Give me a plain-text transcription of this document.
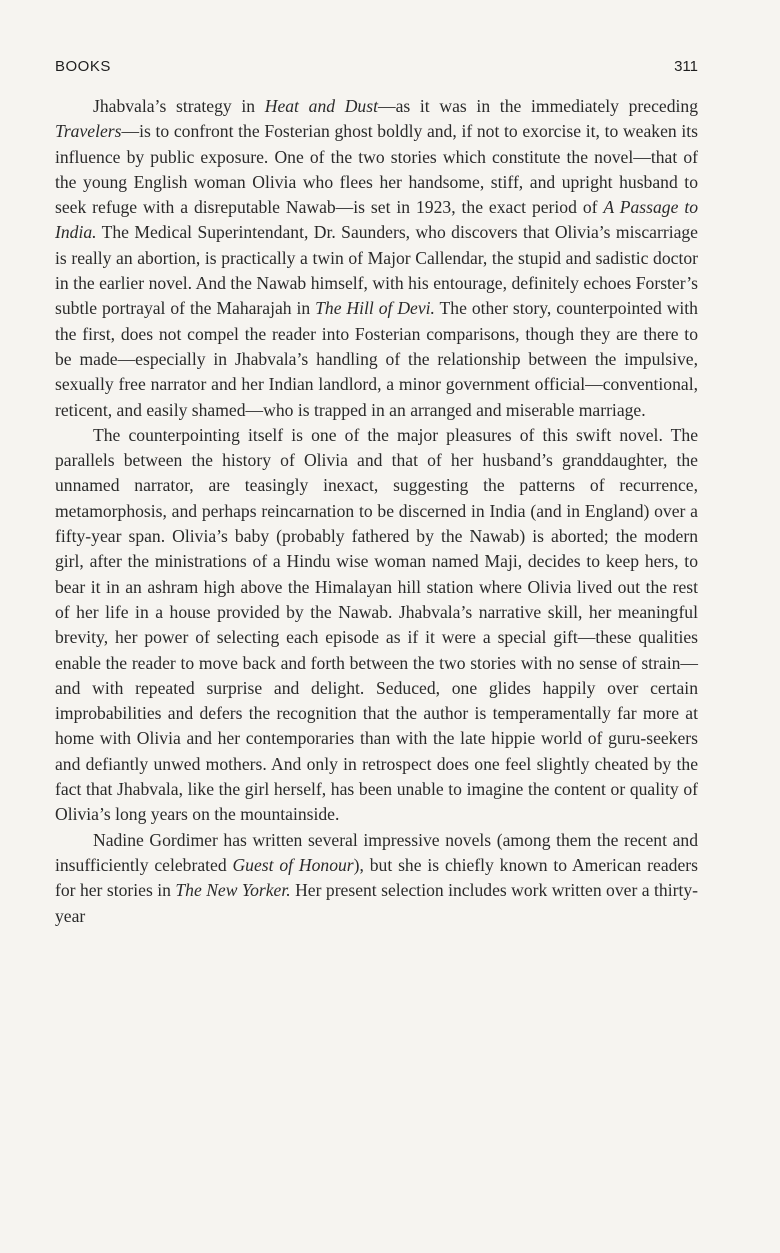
BOOKS	311

Jhabvala’s strategy in Heat and Dust—as it was in the immediately preceding Travelers—is to confront the Fosterian ghost boldly and, if not to exorcise it, to weaken its influence by public exposure. One of the two stories which constitute the novel—that of the young English woman Olivia who flees her handsome, stiff, and upright husband to seek refuge with a disreputable Nawab—is set in 1923, the exact period of A Passage to India. The Medical Superintendant, Dr. Saunders, who discovers that Olivia’s miscarriage is really an abortion, is practically a twin of Major Callendar, the stupid and sadistic doctor in the earlier novel. And the Nawab himself, with his entourage, definitely echoes Forster’s subtle portrayal of the Maharajah in The Hill of Devi. The other story, counterpointed with the first, does not compel the reader into Fosterian comparisons, though they are there to be made—especially in Jhabvala’s handling of the relationship between the impulsive, sexually free narrator and her Indian landlord, a minor government official—conventional, reticent, and easily shamed—who is trapped in an arranged and miserable marriage.

The counterpointing itself is one of the major pleasures of this swift novel. The parallels between the history of Olivia and that of her husband’s granddaughter, the unnamed narrator, are teasingly inexact, suggesting the patterns of recurrence, metamorphosis, and perhaps reincarnation to be discerned in India (and in England) over a fifty-year span. Olivia’s baby (probably fathered by the Nawab) is aborted; the modern girl, after the ministrations of a Hindu wise woman named Maji, decides to keep hers, to bear it in an ashram high above the Himalayan hill station where Olivia lived out the rest of her life in a house provided by the Nawab. Jhabvala’s narrative skill, her meaningful brevity, her power of selecting each episode as if it were a special gift—these qualities enable the reader to move back and forth between the two stories with no sense of strain—and with repeated surprise and delight. Seduced, one glides happily over certain improbabilities and defers the recognition that the author is temperamentally far more at home with Olivia and her contemporaries than with the late hippie world of guru-seekers and defiantly unwed mothers. And only in retrospect does one feel slightly cheated by the fact that Jhabvala, like the girl herself, has been unable to imagine the content or quality of Olivia’s long years on the mountainside.

Nadine Gordimer has written several impressive novels (among them the recent and insufficiently celebrated Guest of Honour), but she is chiefly known to American readers for her stories in The New Yorker. Her present selection includes work written over a thirty-year
